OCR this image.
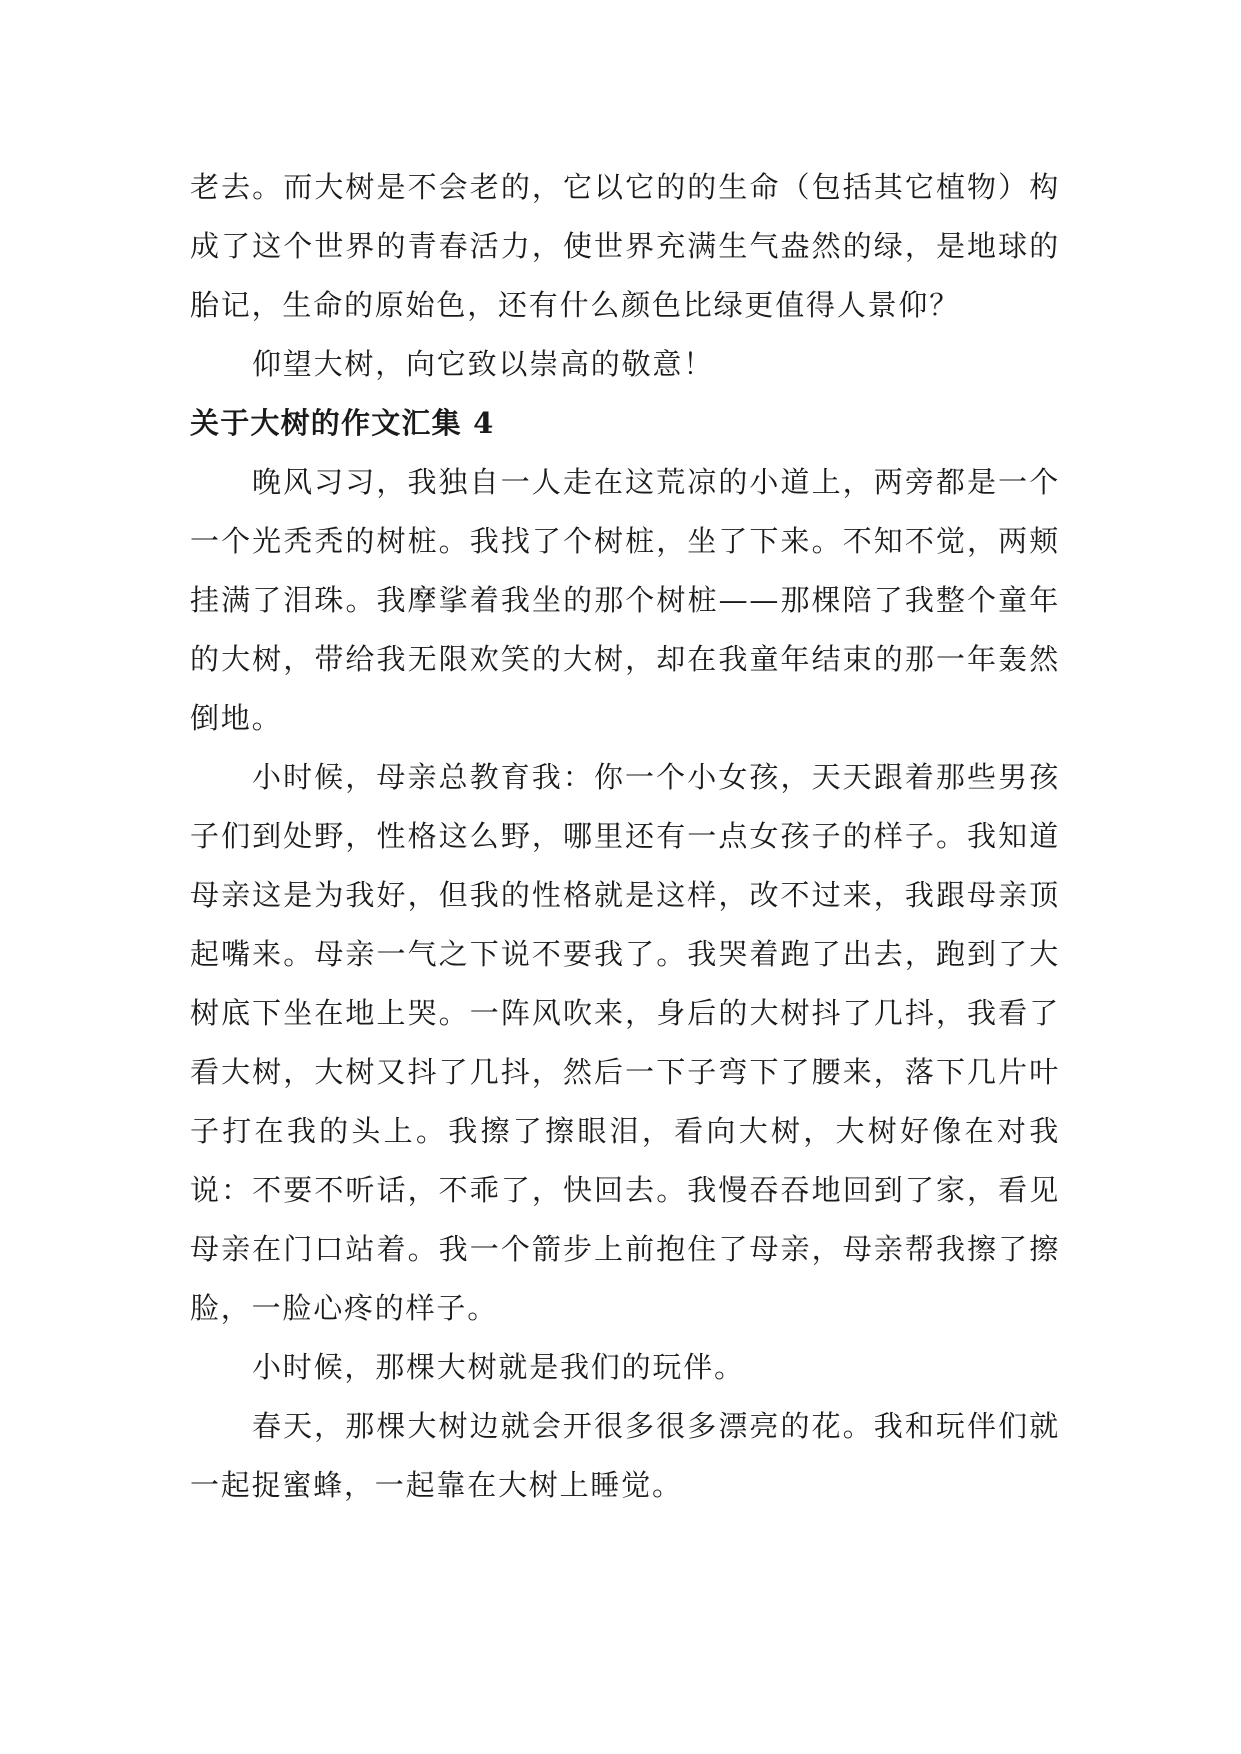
老去。而大树是不会老的，它以它的的生命（包括其它植物）构成了这个世界的青春活力，使世界充满生气盎然的绿，是地球的胎记，生命的原始色，还有什么颜色比绿更值得人景仰？

仰望大树，向它致以崇高的敬意！

关于大树的作文汇集 4

晚风习习，我独自一人走在这荒凉的小道上，两旁都是一个一个光秃秃的树桩。我找了个树桩，坐了下来。不知不觉，两颊挂满了泪珠。我摩挲着我坐的那个树桩——那棵陪了我整个童年的大树，带给我无限欢笑的大树，却在我童年结束的那一年轰然倒地。

小时候，母亲总教育我：你一个小女孩，天天跟着那些男孩子们到处野，性格这么野，哪里还有一点女孩子的样子。我知道母亲这是为我好，但我的性格就是这样，改不过来，我跟母亲顶起嘴来。母亲一气之下说不要我了。我哭着跑了出去，跑到了大树底下坐在地上哭。一阵风吹来，身后的大树抖了几抖，我看了看大树，大树又抖了几抖，然后一下子弯下了腰来，落下几片叶子打在我的头上。我擦了擦眼泪，看向大树，大树好像在对我说：不要不听话，不乖了，快回去。我慢吞吞地回到了家，看见母亲在门口站着。我一个箭步上前抱住了母亲，母亲帮我擦了擦脸，一脸心疼的样子。

小时候，那棵大树就是我们的玩伴。

春天，那棵大树边就会开很多很多漂亮的花。我和玩伴们就一起捉蜜蜂，一起靠在大树上睡觉。
